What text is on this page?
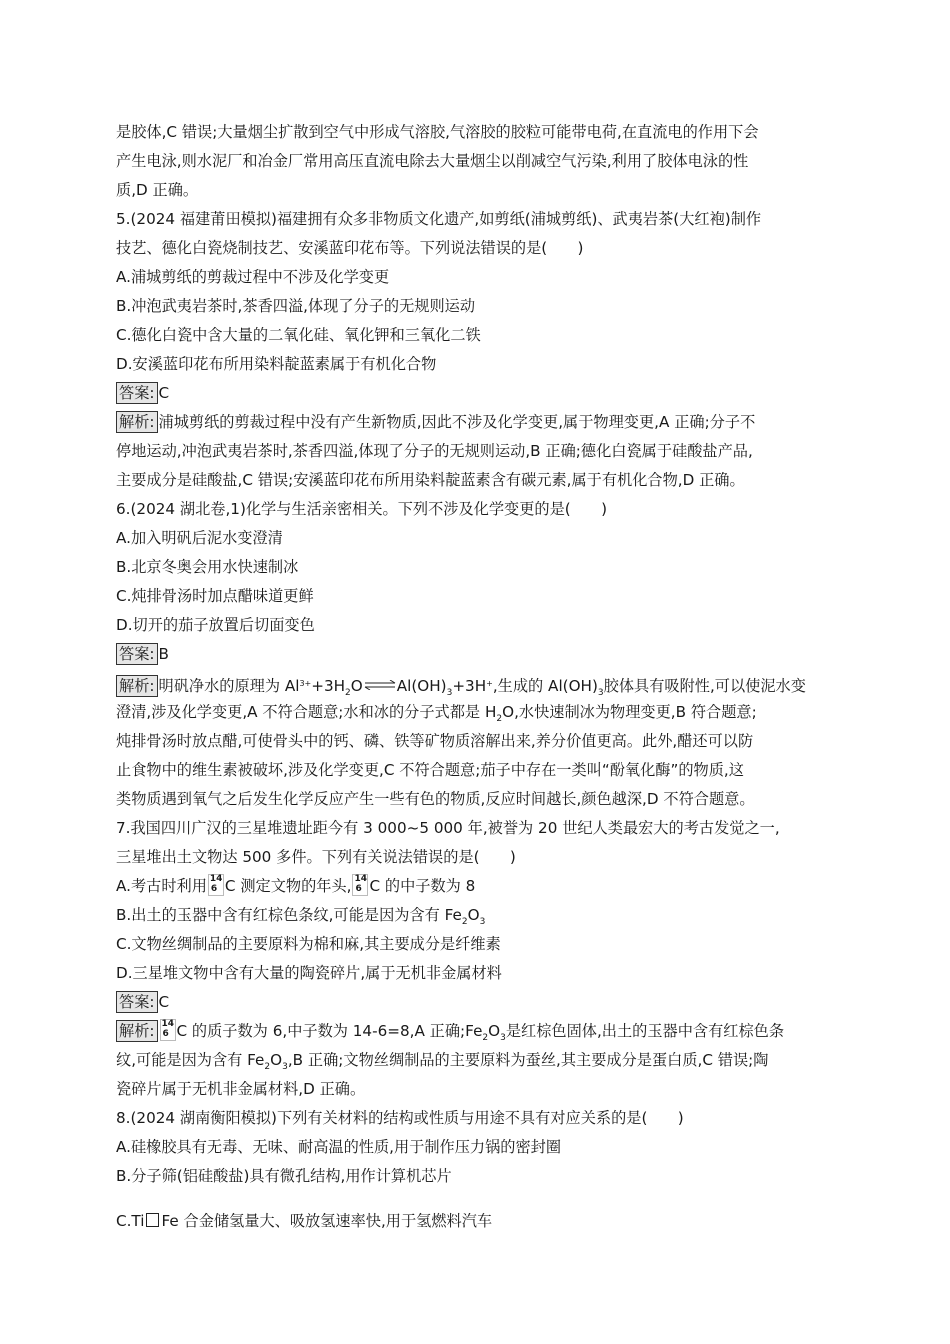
是胶体,C 错误;大量烟尘扩散到空气中形成气溶胶,气溶胶的胶粒可能带电荷,在直流电的作用下会
产生电泳,则水泥厂和冶金厂常用高压直流电除去大量烟尘以削减空气污染,利用了胶体电泳的性
质,D 正确。
5.(2024 福建莆田模拟)福建拥有众多非物质文化遗产,如剪纸(浦城剪纸)、武夷岩茶(大红袍)制作
技艺、德化白瓷烧制技艺、安溪蓝印花布等。下列说法错误的是(　　)
A.浦城剪纸的剪裁过程中不涉及化学变更
B.冲泡武夷岩茶时,茶香四溢,体现了分子的无规则运动
C.德化白瓷中含大量的二氧化硅、氧化钾和三氧化二铁
D.安溪蓝印花布所用染料靛蓝素属于有机化合物
答案: C
解析: 浦城剪纸的剪裁过程中没有产生新物质,因此不涉及化学变更,属于物理变更,A 正确;分子不
停地运动,冲泡武夷岩茶时,茶香四溢,体现了分子的无规则运动,B 正确;德化白瓷属于硅酸盐产品,
主要成分是硅酸盐,C 错误;安溪蓝印花布所用染料靛蓝素含有碳元素,属于有机化合物,D 正确。
6.(2024 湖北卷,1)化学与生活亲密相关。下列不涉及化学变更的是(　　)
A.加入明矾后泥水变澄清
B.北京冬奥会用水快速制冰
C.炖排骨汤时加点醋味道更鲜
D.切开的茄子放置后切面变色
答案: B
解析: 明矾净水的原理为 $Al^{3+}+3H_2O\rightleftharpoons Al(OH)_3+3H^+$,生成的 $Al(OH)_3$胶体具有吸附性,可以使泥水变
澄清,涉及化学变更,A 不符合题意;水和冰的分子式都是 $H_2O$,水快速制冰为物理变更,B 符合题意;
炖排骨汤时放点醋,可使骨头中的钙、磷、铁等矿物质溶解出来,养分价值更高。此外,醋还可以防
止食物中的维生素被破坏,涉及化学变更,C 不符合题意;茄子中存在一类叫“酚氧化酶”的物质,这
类物质遇到氧气之后发生化学反应产生一些有色的物质,反应时间越长,颜色越深,D 不符合题意。
7.我国四川广汉的三星堆遗址距今有 3 000~5 000 年,被誉为 20 世纪人类最宏大的考古发觉之一,
三星堆出土文物达 500 多件。下列有关说法错误的是(　　)
A.考古时利用 14
6 C 测定文物的年头, 14
6 C 的中子数为 8
B.出土的玉器中含有红棕色条纹,可能是因为含有 $Fe_2O_3$
C.文物丝绸制品的主要原料为棉和麻,其主要成分是纤维素
D.三星堆文物中含有大量的陶瓷碎片,属于无机非金属材料
答案: C
解析: 14
6 C 的质子数为 6,中子数为 14-6=8,A 正确$;Fe_2O_3$是红棕色固体,出土的玉器中含有红棕色条
纹,可能是因为含有 $Fe_2O_3,B$ 正确;文物丝绸制品的主要原料为蚕丝,其主要成分是蛋白质,C 错误;陶
瓷碎片属于无机非金属材料,D 正确。
8.(2024 湖南衡阳模拟)下列有关材料的结构或性质与用途不具有对应关系的是(　　)
A.硅橡胶具有无毒、无味、耐高温的性质,用于制作压力锅的密封圈
B.分子筛(铝硅酸盐)具有微孔结构,用作计算机芯片
C.Ti Fe 合金储氢量大、吸放氢速率快,用于氢燃料汽车
